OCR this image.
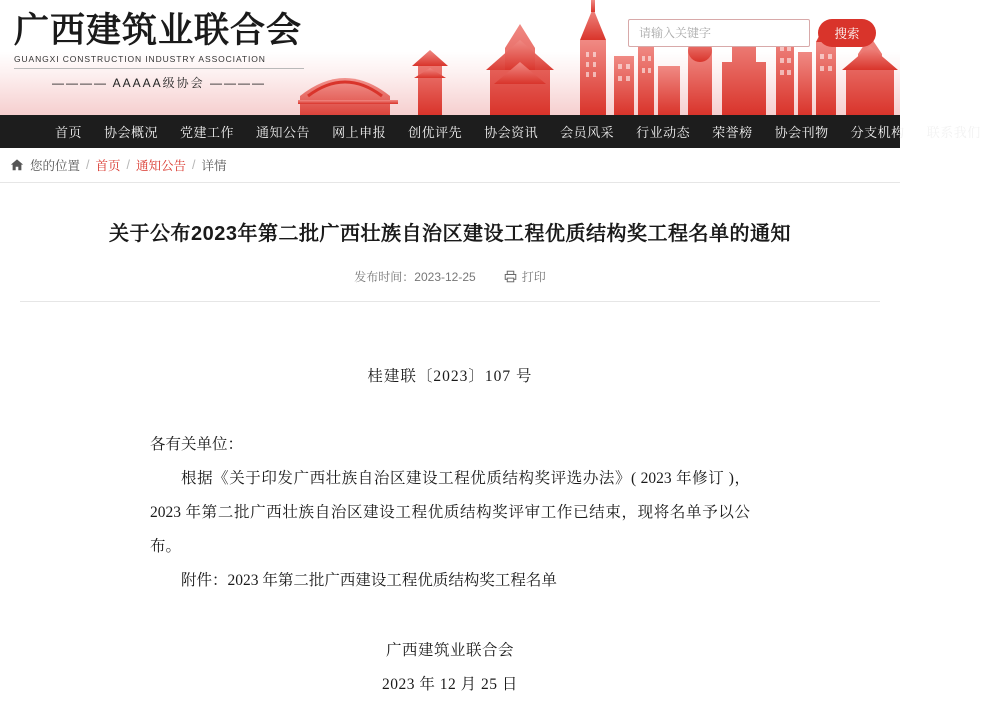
广西建筑业联合会
GUANGXI CONSTRUCTION INDUSTRY ASSOCIATION
———— AAAAA级协会 ————
请输入关键字
搜索
首页 协会概况 党建工作 通知公告 网上申报 创优评先 协会资讯 会员风采 行业动态 荣誉榜 协会刊物 分支机构 联系我们
您的位置 / 首页 / 通知公告 / 详情
关于公布2023年第二批广西壮族自治区建设工程优质结构奖工程名单的通知
发布时间： 2023-12-25	打印
桂建联〔2023〕107 号

各有关单位：

根据《关于印发广西壮族自治区建设工程优质结构奖评选办法》( 2023 年修订 )，2023 年第二批广西壮族自治区建设工程优质结构奖评审工作已结束，现将名单予以公布。

附件：2023 年第二批广西建设工程优质结构奖工程名单

广西建筑业联合会
2023 年 12 月 25 日
